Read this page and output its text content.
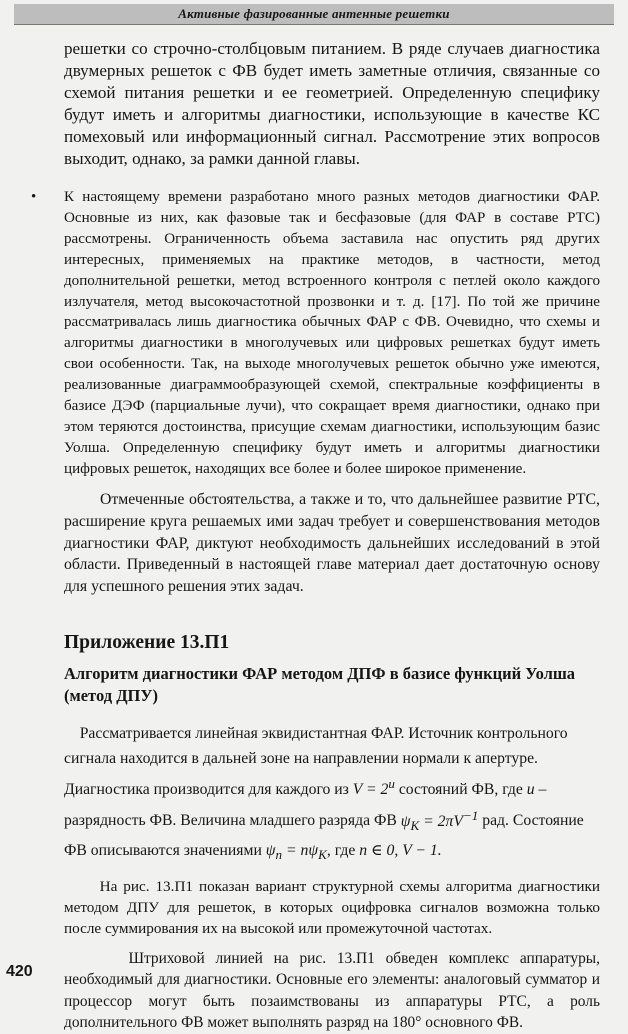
Активные фазированные антенные решетки

решетки со строчно-столбцовым питанием. В ряде случаев диагностика двумерных решеток с ФВ будет иметь заметные отличия, связанные со схемой питания решетки и ее геометрией. Определенную специфику будут иметь и алгоритмы диагностики, использующие в качестве КС помеховый или информационный сигнал. Рассмотрение этих вопросов выходит, однако, за рамки данной главы.

• К настоящему времени разработано много разных методов диагностики ФАР. Основные из них, как фазовые так и бесфазовые (для ФАР в составе РТС) рассмотрены. Ограниченность объема заставила нас опустить ряд других интересных, применяемых на практике методов, в частности, метод дополнительной решетки, метод встроенного контроля с петлей около каждого излучателя, метод высокочастотной прозвонки и т. д. [17]. По той же причине рассматривалась лишь диагностика обычных ФАР с ФВ. Очевидно, что схемы и алгоритмы диагностики в многолучевых или цифровых решетках будут иметь свои особенности. Так, на выходе многолучевых решеток обычно уже имеются, реализованные диаграммообразующей схемой, спектральные коэффициенты в базисе ДЭФ (парциальные лучи), что сокращает время диагностики, однако при этом теряются достоинства, присущие схемам диагностики, использующим базис Уолша. Определенную специфику будут иметь и алгоритмы диагностики цифровых решеток, находящих все более и более широкое применение.

Отмеченные обстоятельства, а также и то, что дальнейшее развитие РТС, расширение круга решаемых ими задач требует и совершенствования методов диагностики ФАР, диктуют необходимость дальнейших исследований в этой области. Приведенный в настоящей главе материал дает достаточную основу для успешного решения этих задач.

Приложение 13.П1
Алгоритм диагностики ФАР методом ДПФ в базисе функций Уолша (метод ДПУ)

Рассматривается линейная эквидистантная ФАР. Источник контрольного сигнала находится в дальней зоне на направлении нормали к апертуре. Диагностика производится для каждого из $V = 2^u$ состояний ФВ, где u – разрядность ФВ. Величина младшего разряда ФВ $\psi_K = 2\pi V^{-1}$ рад. Состояние ФВ описываются значениями $\psi_n = n\psi_K$, где n ∈ 0, V − 1.

На рис. 13.П1 показан вариант структурной схемы алгоритма диагностики методом ДПУ для решеток, в которых оцифровка сигналов возможна только после суммирования их на высокой или промежуточной частотах.

Штриховой линией на рис. 13.П1 обведен комплекс аппаратуры, необходимый для диагностики. Основные его элементы: аналоговый сумматор и процессор могут быть позаимствованы из аппаратуры РТС, а роль дополнительного ФВ может выполнять разряд на 180° основного ФВ.

420
